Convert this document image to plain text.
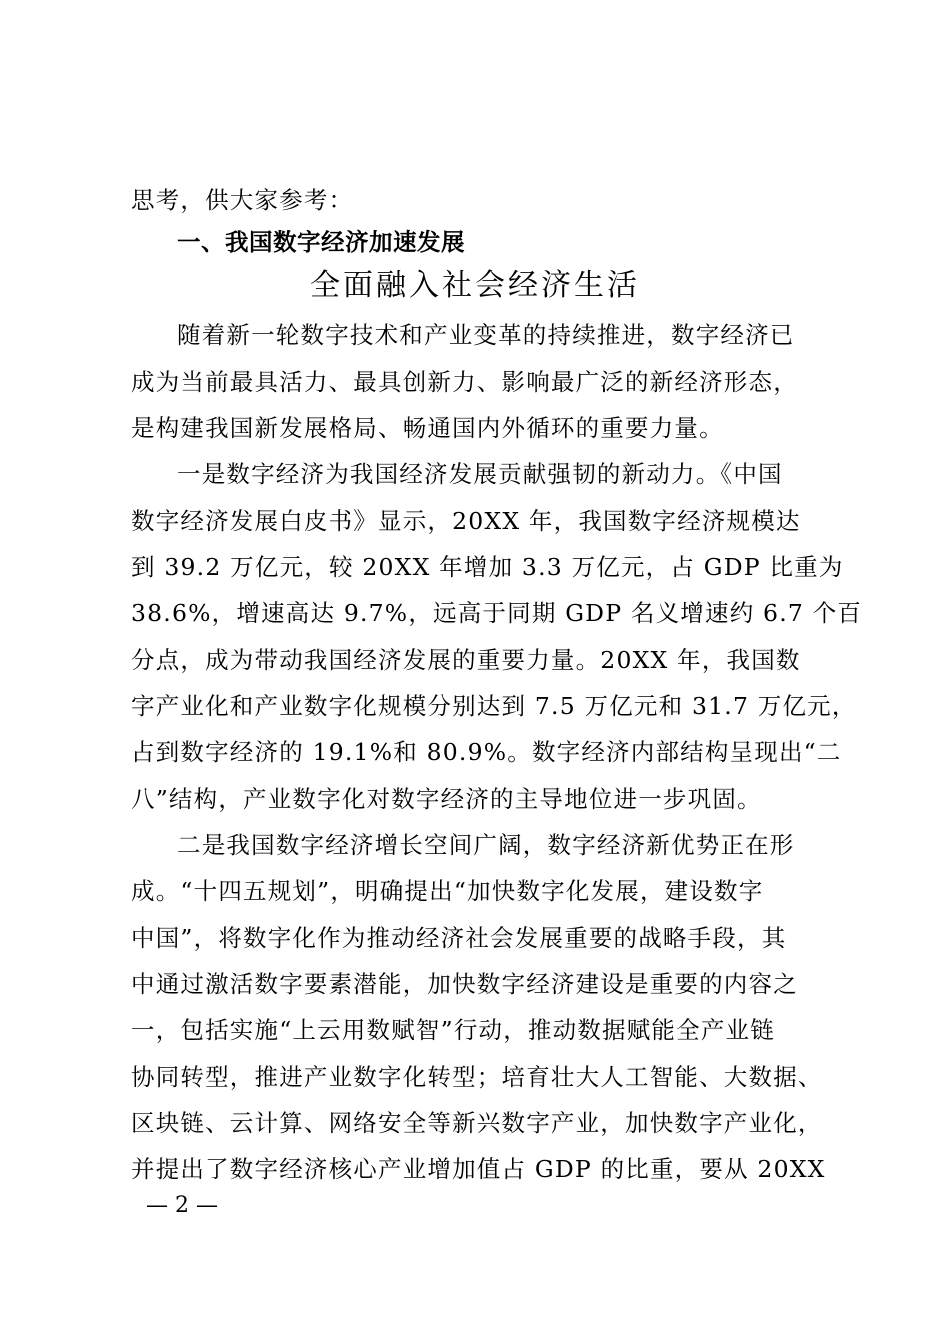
思考，供大家参考：
一、我国数字经济加速发展
全面融入社会经济生活
随着新一轮数字技术和产业变革的持续推进，数字经济已
成为当前最具活力、最具创新力、影响最广泛的新经济形态，
是构建我国新发展格局、畅通国内外循环的重要力量。
一是数字经济为我国经济发展贡献强韧的新动力。《中国
数字经济发展白皮书》显示，20XX 年，我国数字经济规模达
到 39.2 万亿元，较 20XX 年增加 3.3 万亿元，占 GDP 比重为
38.6%，增速高达 9.7%，远高于同期 GDP 名义增速约 6.7 个百
分点，成为带动我国经济发展的重要力量。20XX 年，我国数
字产业化和产业数字化规模分别达到 7.5 万亿元和 31.7 万亿元，
占到数字经济的 19.1%和 80.9%。数字经济内部结构呈现出“二
八”结构，产业数字化对数字经济的主导地位进一步巩固。
二是我国数字经济增长空间广阔，数字经济新优势正在形
成。“十四五规划”，明确提出“加快数字化发展，建设数字
中国”，将数字化作为推动经济社会发展重要的战略手段，其
中通过激活数字要素潜能，加快数字经济建设是重要的内容之
一，包括实施“上云用数赋智”行动，推动数据赋能全产业链
协同转型，推进产业数字化转型；培育壮大人工智能、大数据、
区块链、云计算、网络安全等新兴数字产业，加快数字产业化，
并提出了数字经济核心产业增加值占 GDP 的比重，要从 20XX
— 2 —
